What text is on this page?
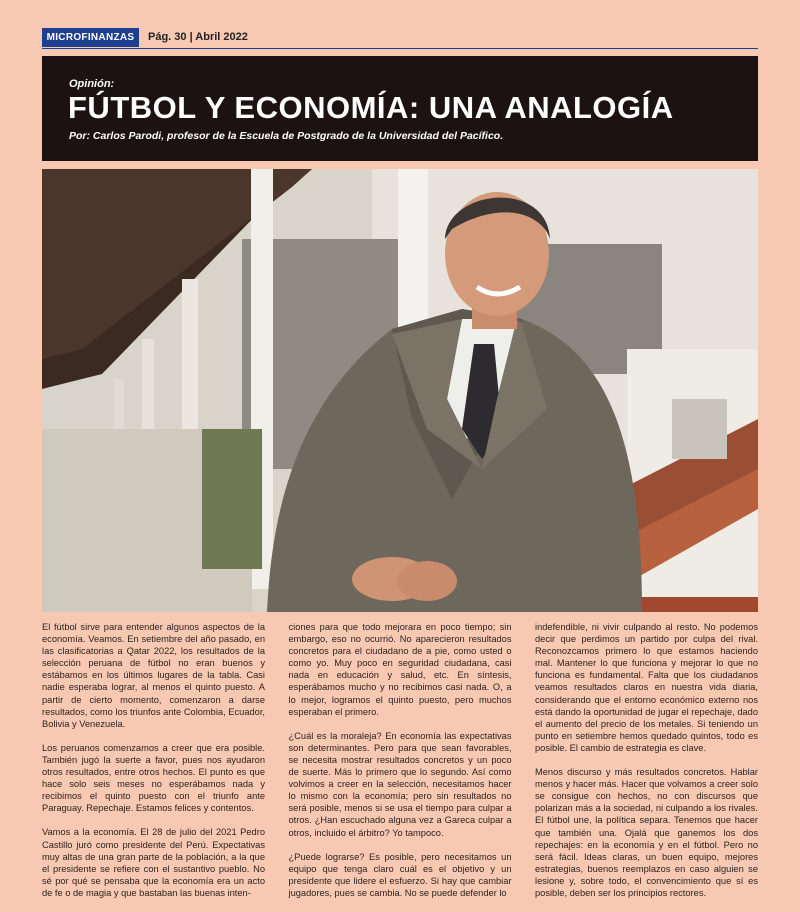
MICROFINANZAS	Pág. 30 | Abril 2022
Opinión:
FÚTBOL Y ECONOMÍA: UNA ANALOGÍA
Por: Carlos Parodi, profesor de la Escuela de Postgrado de la Universidad del Pacífico.

El fútbol sirve para entender algunos aspectos de la economía. Veamos. En setiembre del año pasado, en las clasificatorias a Qatar 2022, los resultados de la selección peruana de fútbol no eran buenos y estábamos en los últimos lugares de la tabla. Casi nadie esperaba lograr, al menos el quinto puesto. A partir de cierto momento, comenzaron a darse resultados, como los triunfos ante Colombia, Ecuador, Bolivia y Venezuela.

Los peruanos comenzamos a creer que era posible. También jugó la suerte a favor, pues nos ayudaron otros resultados, entre otros hechos. El punto es que hace solo seis meses no esperábamos nada y recibimos el quinto puesto con el triunfo ante Paraguay. Repechaje. Estamos felices y contentos.

Vamos a la economía. El 28 de julio del 2021 Pedro Castillo juró como presidente del Perú. Expectativas muy altas de una gran parte de la población, a la que el presidente se refiere con el sustantivo pueblo. No sé por qué se pensaba que la economía era un acto de fe o de magia y que bastaban las buenas inten-

ciones para que todo mejorara en poco tiempo; sin embargo, eso no ocurrió. No aparecieron resultados concretos para el ciudadano de a pie, como usted o como yo. Muy poco en seguridad ciudadana, casi nada en educación y salud, etc. En síntesis, esperábamos mucho y no recibimos casi nada. O, a lo mejor, logramos el quinto puesto, pero muchos esperaban el primero.

¿Cuál es la moraleja? En economía las expectativas son determinantes. Pero para que sean favorables, se necesita mostrar resultados concretos y un poco de suerte. Más lo primero que lo segundo. Así como volvimos a creer en la selección, necesitamos hacer lo mismo con la economía; pero sin resultados no será posible, menos si se usa el tiempo para culpar a otros. ¿Han escuchado alguna vez a Gareca culpar a otros, incluido el árbitro? Yo tampoco.

¿Puede lograrse? Es posible, pero necesitamos un equipo que tenga claro cuál es el objetivo y un presidente que lidere el esfuerzo. Si hay que cambiar jugadores, pues se cambia. No se puede defender lo

indefendible, ni vivir culpando al resto. No podemos decir que perdimos un partido por culpa del rival. Reconozcamos primero lo que estamos haciendo mal. Mantener lo que funciona y mejorar lo que no funciona es fundamental. Falta que los ciudadanos veamos resultados claros en nuestra vida diaria, considerando que el entorno económico externo nos está dando la oportunidad de jugar el repechaje, dado el aumento del precio de los metales. Si teniendo un punto en setiembre hemos quedado quintos, todo es posible. El cambio de estrategia es clave.

Menos discurso y más resultados concretos. Hablar menos y hacer más. Hacer que volvamos a creer solo se consigue con hechos, no con discursos que polarizan más a la sociedad, ni culpando a los rivales. El fútbol une, la política separa. Tenemos que hacer que también una. Ojalá que ganemos los dos repechajes: en la economía y en el fútbol. Pero no será fácil. Ideas claras, un buen equipo, mejores estrategias, buenos reemplazos en caso alguien se lesione y, sobre todo, el convencimiento que sí es posible, deben ser los principios rectores.
